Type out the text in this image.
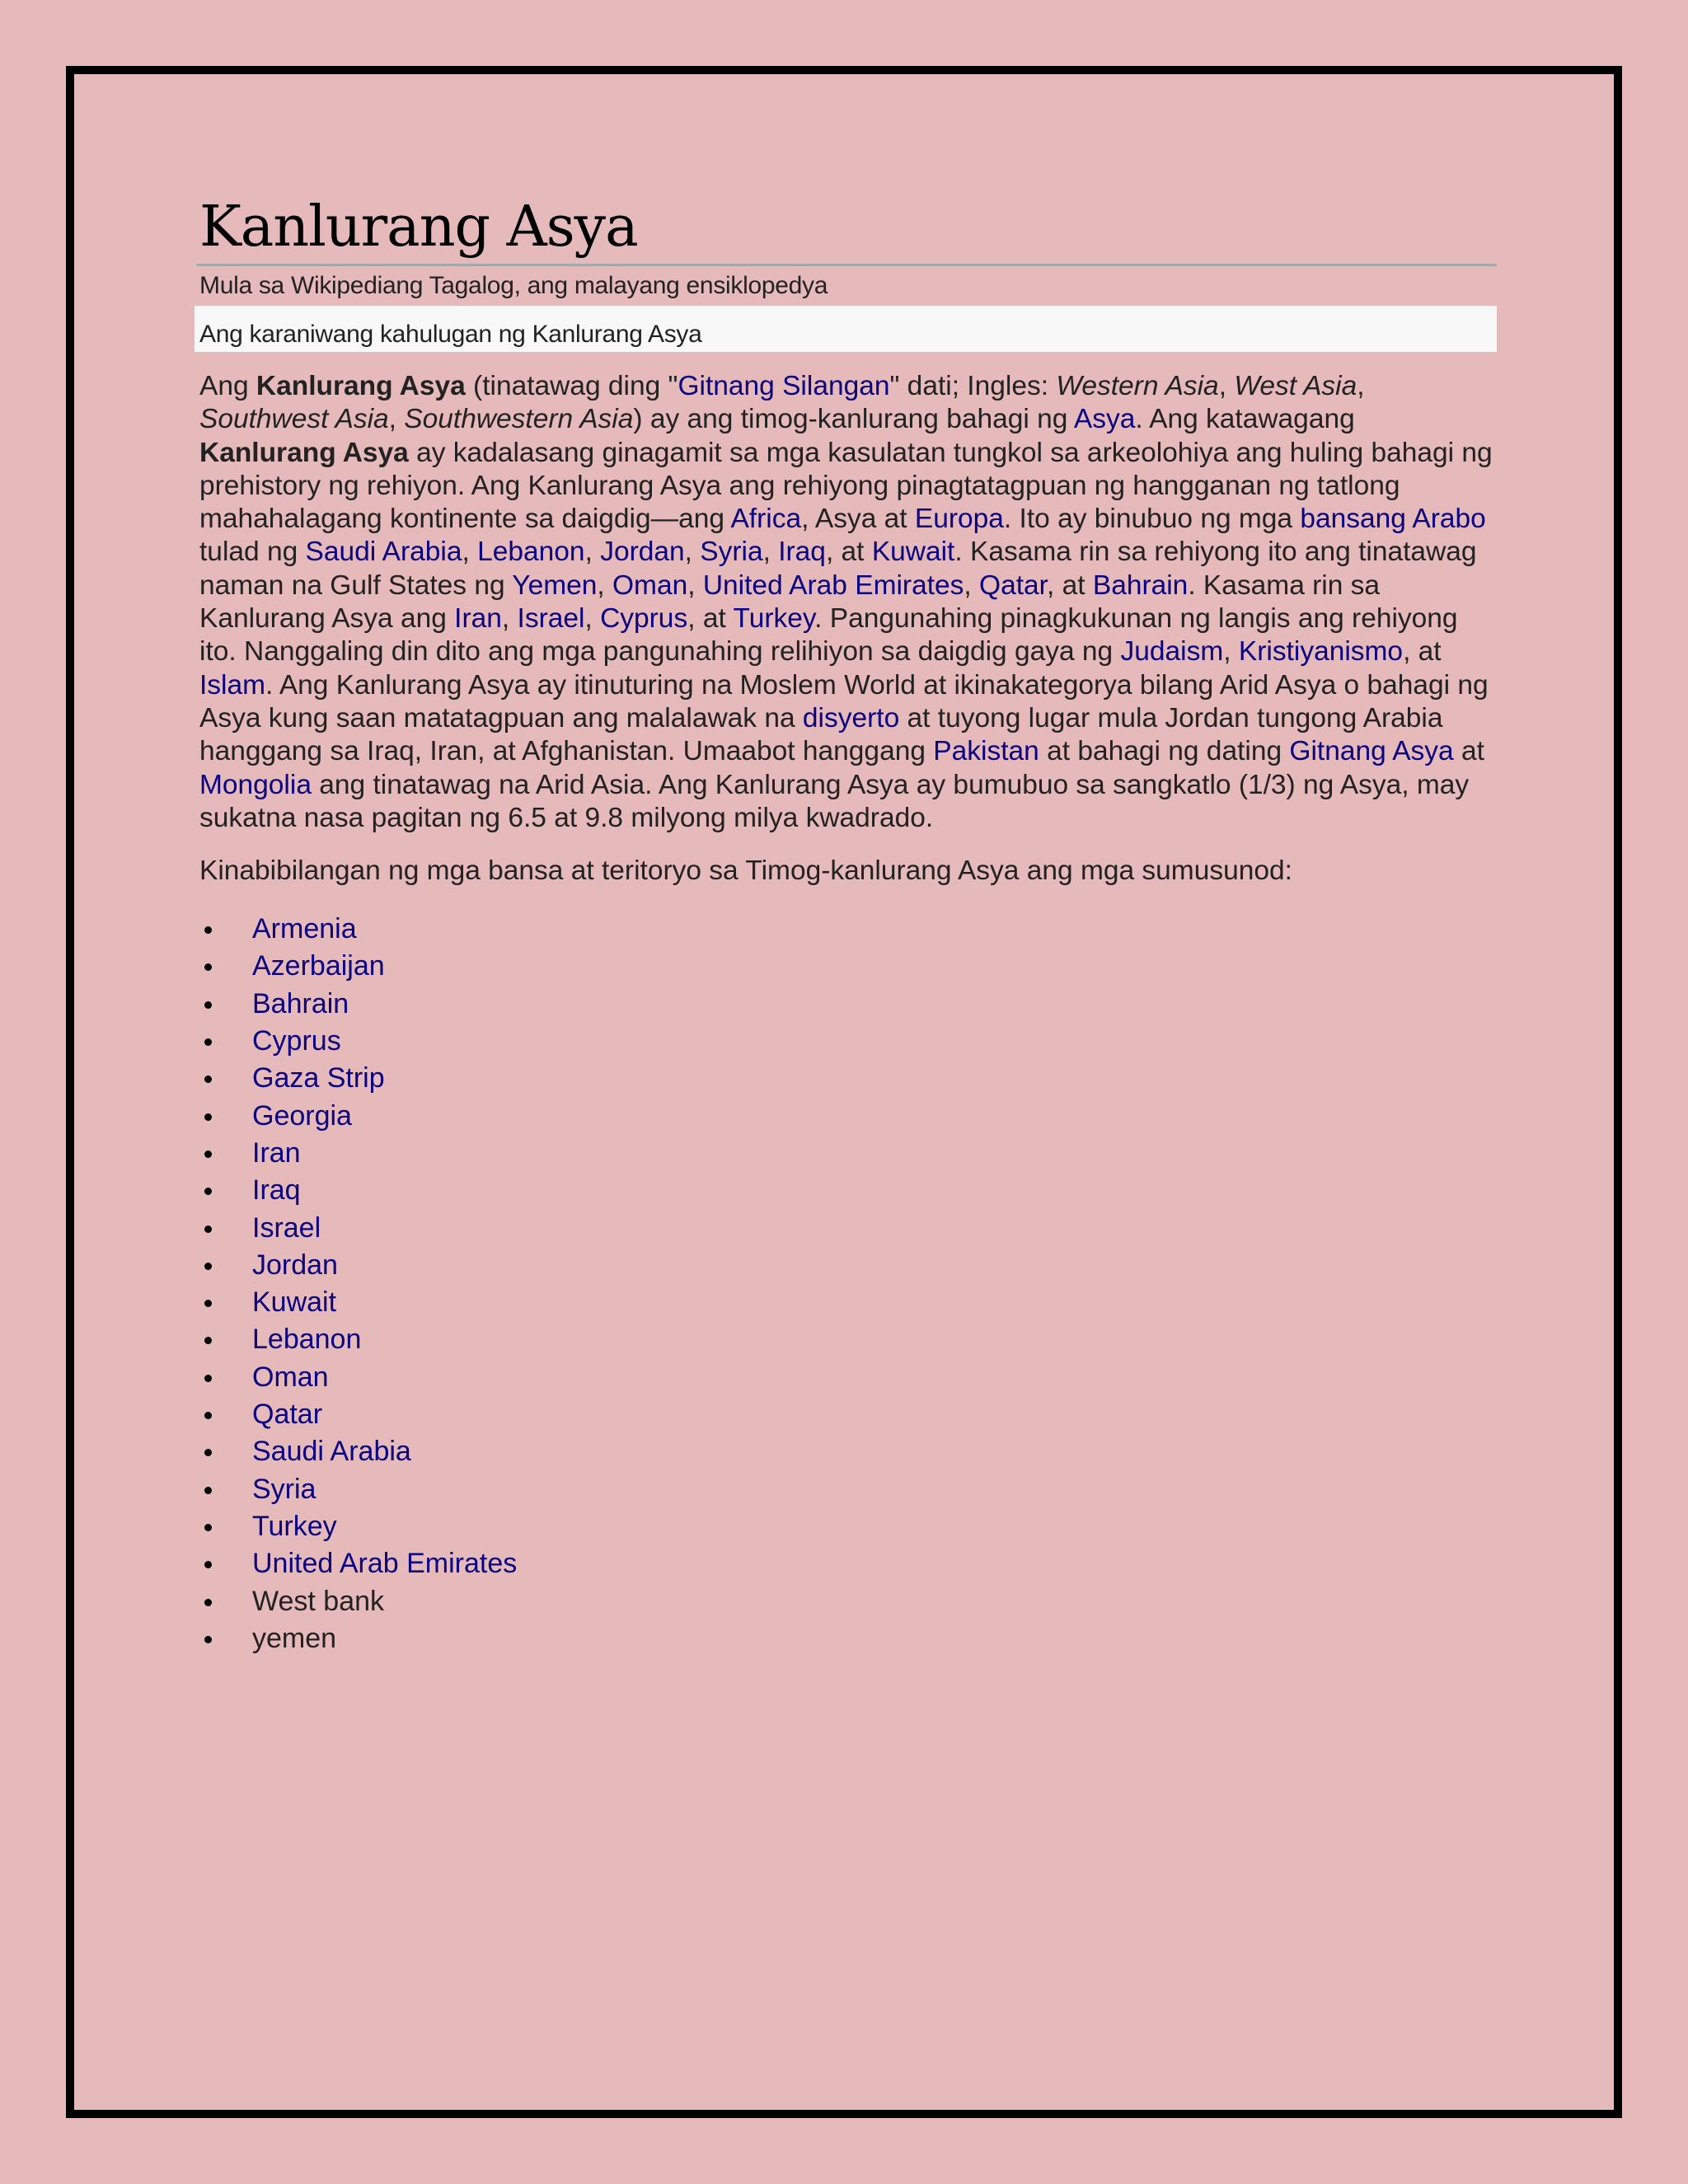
Kanlurang Asya
Mula sa Wikipediang Tagalog, ang malayang ensiklopedya
Ang karaniwang kahulugan ng Kanlurang Asya

Ang Kanlurang Asya (tinatawag ding "Gitnang Silangan" dati; Ingles: Western Asia, West Asia, Southwest Asia, Southwestern Asia) ay ang timog-kanlurang bahagi ng Asya. Ang katawagang Kanlurang Asya ay kadalasang ginagamit sa mga kasulatan tungkol sa arkeolohiya ang huling bahagi ng prehistory ng rehiyon. Ang Kanlurang Asya ang rehiyong pinagtatagpuan ng hangganan ng tatlong mahahalagang kontinente sa daigdig—ang Africa, Asya at Europa. Ito ay binubuo ng mga bansang Arabo tulad ng Saudi Arabia, Lebanon, Jordan, Syria, Iraq, at Kuwait. Kasama rin sa rehiyong ito ang tinatawag naman na Gulf States ng Yemen, Oman, United Arab Emirates, Qatar, at Bahrain. Kasama rin sa Kanlurang Asya ang Iran, Israel, Cyprus, at Turkey. Pangunahing pinagkukunan ng langis ang rehiyong ito. Nanggaling din dito ang mga pangunahing relihiyon sa daigdig gaya ng Judaism, Kristiyanismo, at Islam. Ang Kanlurang Asya ay itinuturing na Moslem World at ikinakategorya bilang Arid Asya o bahagi ng Asya kung saan matatagpuan ang malalawak na disyerto at tuyong lugar mula Jordan tungong Arabia hanggang sa Iraq, Iran, at Afghanistan. Umaabot hanggang Pakistan at bahagi ng dating Gitnang Asya at Mongolia ang tinatawag na Arid Asia. Ang Kanlurang Asya ay bumubuo sa sangkatlo (1/3) ng Asya, may sukatna nasa pagitan ng 6.5 at 9.8 milyong milya kwadrado.

Kinabibilangan ng mga bansa at teritoryo sa Timog-kanlurang Asya ang mga sumusunod:

Armenia
Azerbaijan
Bahrain
Cyprus
Gaza Strip
Georgia
Iran
Iraq
Israel
Jordan
Kuwait
Lebanon
Oman
Qatar
Saudi Arabia
Syria
Turkey
United Arab Emirates
West bank
yemen
